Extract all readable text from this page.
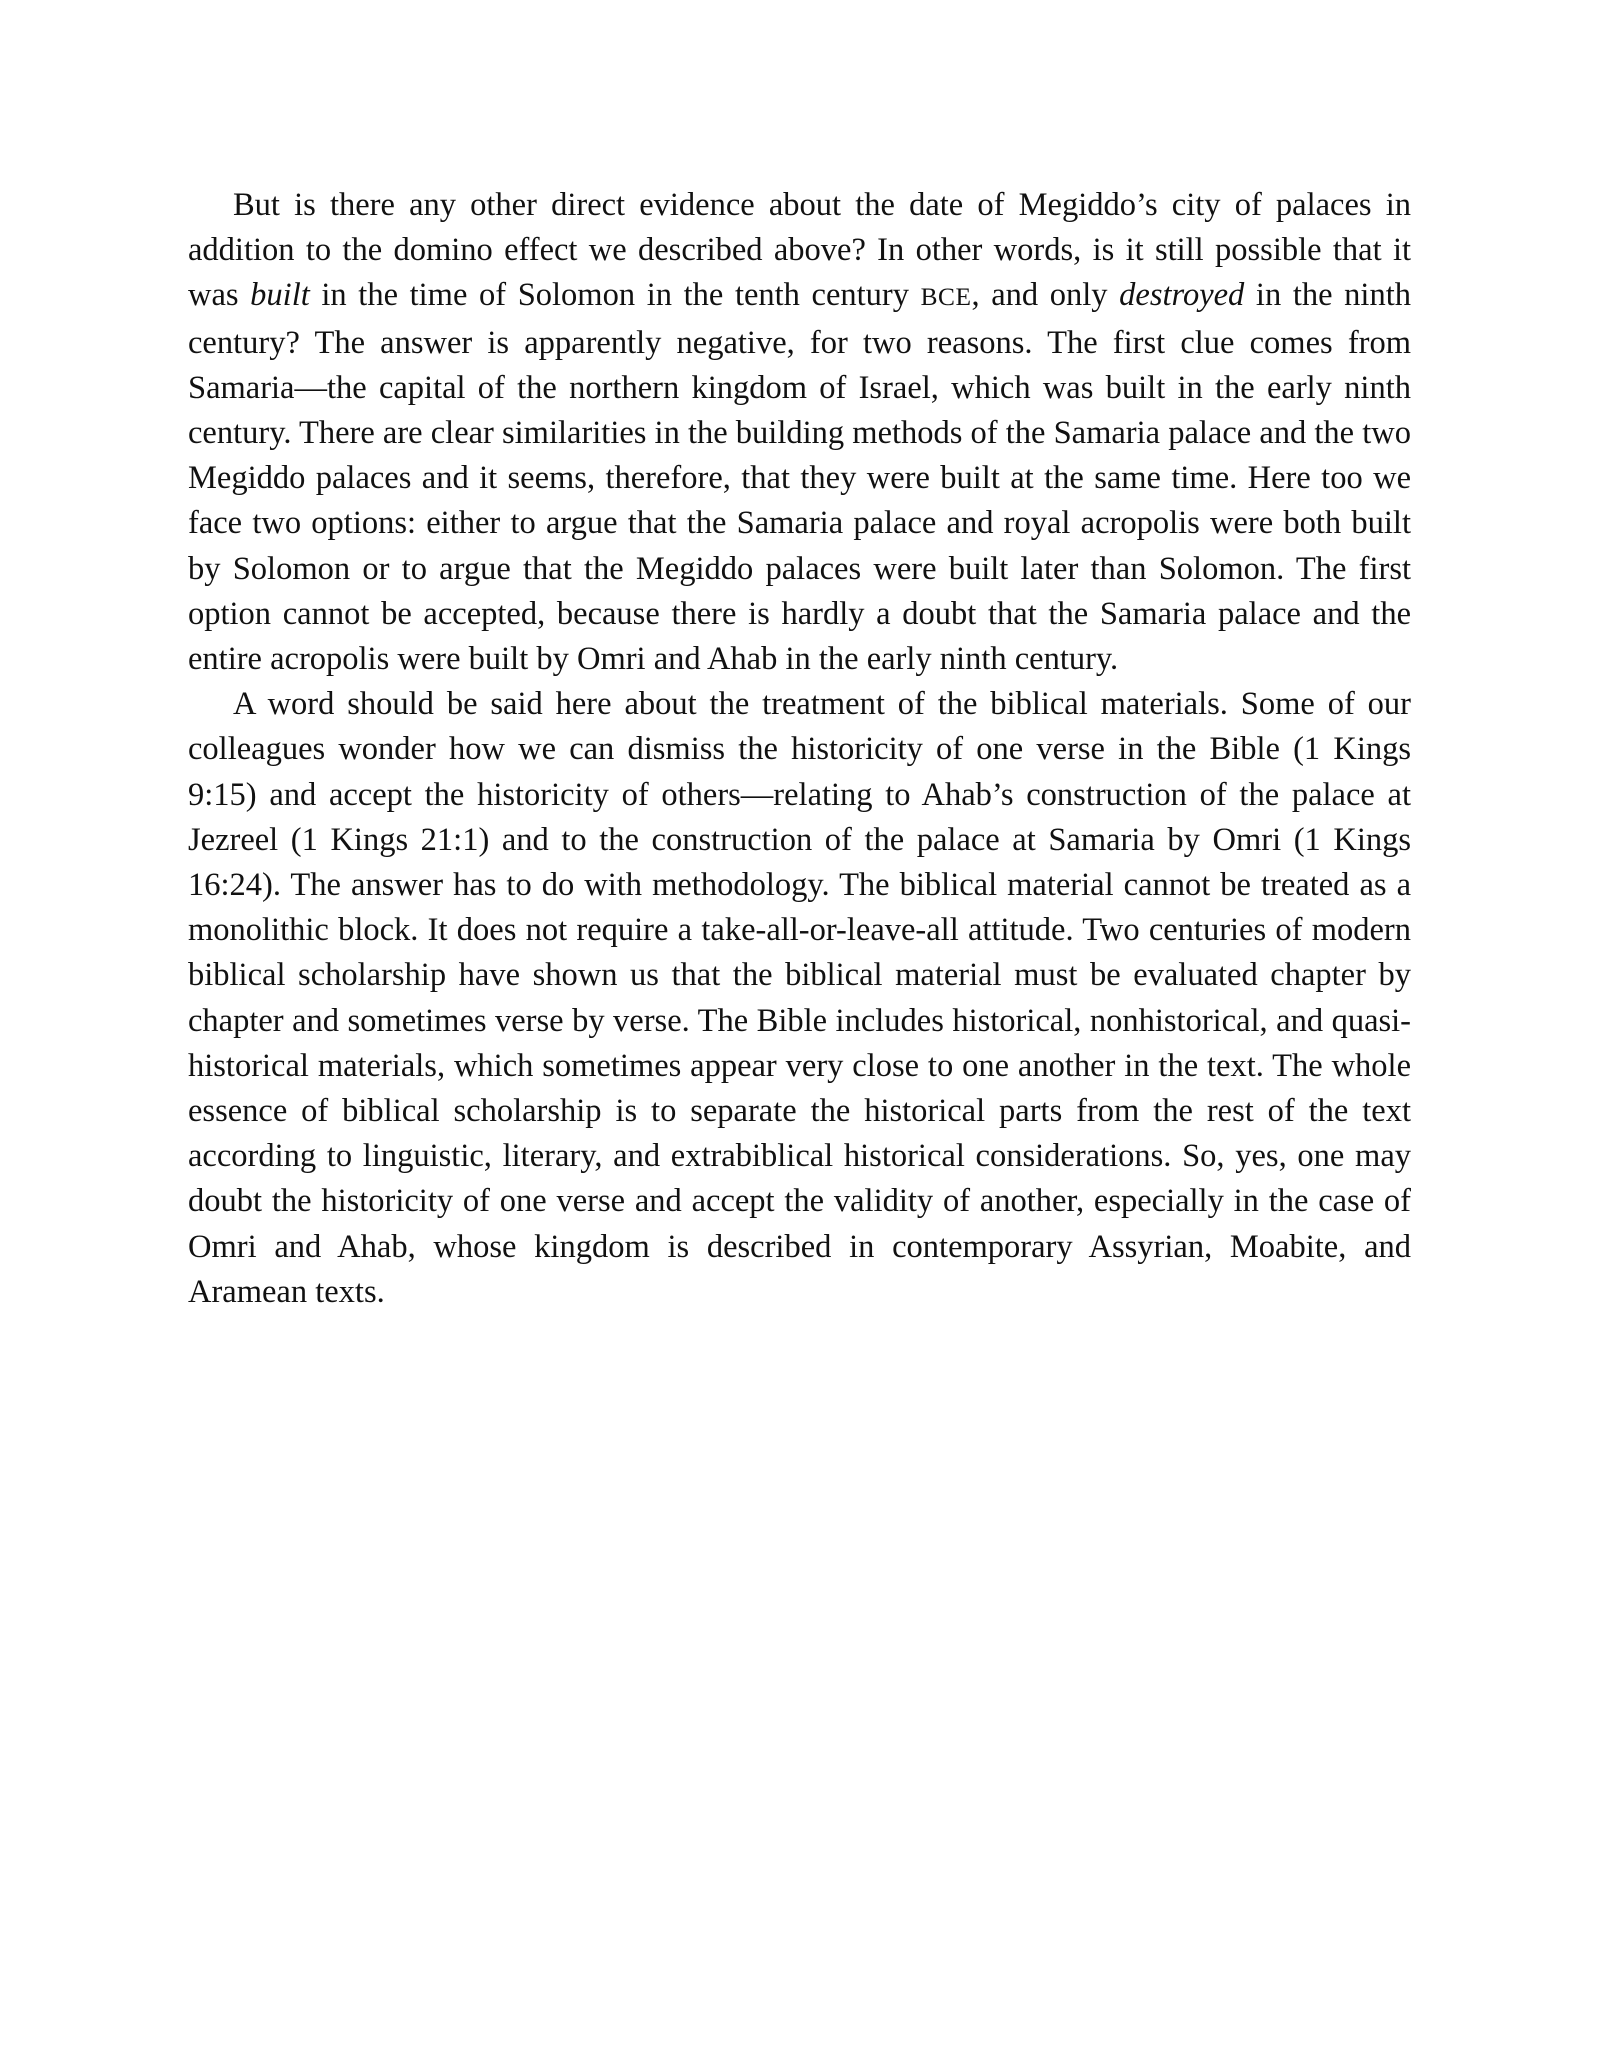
But is there any other direct evidence about the date of Megiddo’s city of palaces in addition to the domino effect we described above? In other words, is it still possible that it was built in the time of Solomon in the tenth century BCE, and only destroyed in the ninth century? The answer is apparently negative, for two reasons. The first clue comes from Samaria—the capital of the northern kingdom of Israel, which was built in the early ninth century. There are clear similarities in the building methods of the Samaria palace and the two Megiddo palaces and it seems, therefore, that they were built at the same time. Here too we face two options: either to argue that the Samaria palace and royal acropolis were both built by Solomon or to argue that the Megiddo palaces were built later than Solomon. The first option cannot be accepted, because there is hardly a doubt that the Samaria palace and the entire acropolis were built by Omri and Ahab in the early ninth century.

A word should be said here about the treatment of the biblical materials. Some of our colleagues wonder how we can dismiss the historicity of one verse in the Bible (1 Kings 9:15) and accept the historicity of others—relating to Ahab’s construction of the palace at Jezreel (1 Kings 21:1) and to the construction of the palace at Samaria by Omri (1 Kings 16:24). The answer has to do with methodology. The biblical material cannot be treated as a monolithic block. It does not require a take-all-or-leave-all attitude. Two centuries of modern biblical scholarship have shown us that the biblical material must be evaluated chapter by chapter and sometimes verse by verse. The Bible includes historical, nonhistorical, and quasi-historical materials, which sometimes appear very close to one another in the text. The whole essence of biblical scholarship is to separate the historical parts from the rest of the text according to linguistic, literary, and extrabiblical historical considerations. So, yes, one may doubt the historicity of one verse and accept the validity of another, especially in the case of Omri and Ahab, whose kingdom is described in contemporary Assyrian, Moabite, and Aramean texts.
